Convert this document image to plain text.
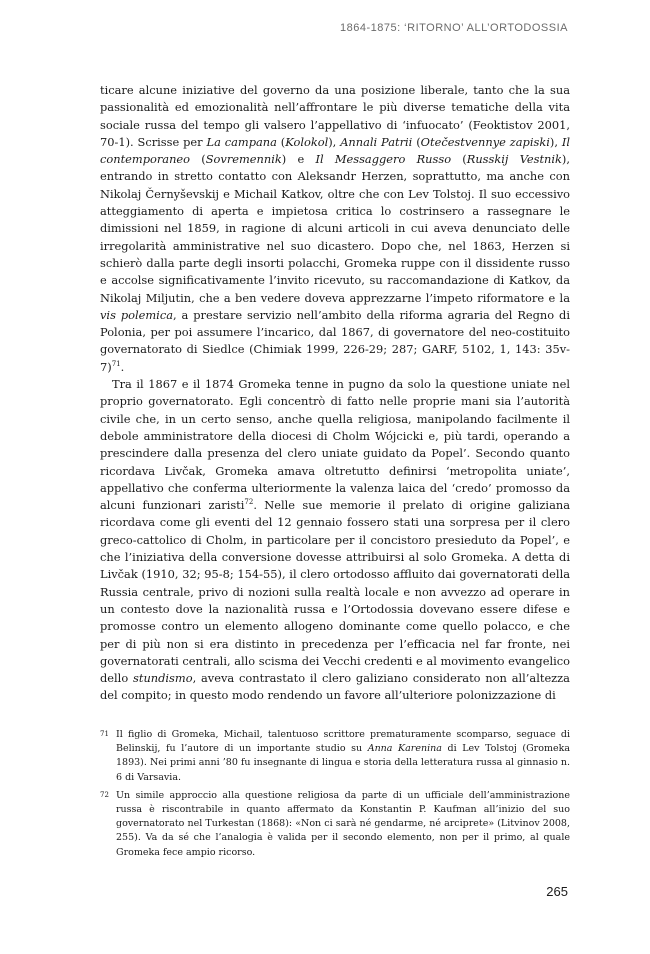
1864-1875: ‘RITORNO’ ALL’ORTODOSSIA

ticare alcune iniziative del governo da una posizione liberale, tanto che la sua passionalità ed emozionalità nell’affrontare le più diverse tematiche della vita sociale russa del tempo gli valsero l’appellativo di ‘infuocato’ (Feoktistov 2001, 70-1). Scrisse per La campana (Kolokol), Annali Patrii (Otečestvennye zapiski), Il contemporaneo (Sovremennik) e Il Messaggero Russo (Russkij Vestnik), entrando in stretto contatto con Aleksandr Herzen, soprattutto, ma anche con Nikolaj Černyševskij e Michail Katkov, oltre che con Lev Tolstoj. Il suo eccessivo atteggiamento di aperta e impietosa critica lo costrinsero a rassegnare le dimissioni nel 1859, in ragione di alcuni articoli in cui aveva denunciato delle irregolarità amministrative nel suo dicastero. Dopo che, nel 1863, Herzen si schierò dalla parte degli insorti polacchi, Gromeka ruppe con il dissidente russo e accolse significativamente l’invito ricevuto, su raccomandazione di Katkov, da Nikolaj Miljutin, che a ben vedere doveva apprezzarne l’impeto riformatore e la vis polemica, a prestare servizio nell’ambito della riforma agraria del Regno di Polonia, per poi assumere l’incarico, dal 1867, di governatore del neo-costituito governatorato di Siedlce (Chimiak 1999, 226-29; 287; GARF, 5102, 1, 143: 35v-7)$^{71}$.

Tra il 1867 e il 1874 Gromeka tenne in pugno da solo la questione uniate nel proprio governatorato. Egli concentrò di fatto nelle proprie mani sia l’autorità civile che, in un certo senso, anche quella religiosa, manipolando facilmente il debole amministratore della diocesi di Cholm Wójcicki e, più tardi, operando a prescindere dalla presenza del clero uniate guidato da Popel’. Secondo quanto ricordava Livčak, Gromeka amava oltretutto definirsi ‘metropolita uniate’, appellativo che conferma ulteriormente la valenza laica del ‘credo’ promosso da alcuni funzionari zaristi$^{72}$. Nelle sue memorie il prelato di origine galiziana ricordava come gli eventi del 12 gennaio fossero stati una sorpresa per il clero greco-cattolico di Cholm, in particolare per il concistoro presieduto da Popel’, e che l’iniziativa della conversione dovesse attribuirsi al solo Gromeka. A detta di Livčak (1910, 32; 95-8; 154-55), il clero ortodosso affluito dai governatorati della Russia centrale, privo di nozioni sulla realtà locale e non avvezzo ad operare in un contesto dove la nazionalità russa e l’Ortodossia dovevano essere difese e promosse contro un elemento allogeno dominante come quello polacco, e che per di più non si era distinto in precedenza per l’efficacia nel far fronte, nei governatorati centrali, allo scisma dei Vecchi credenti e al movimento evangelico dello stundismo, aveva contrastato il clero galiziano considerato non all’altezza del compito; in questo modo rendendo un favore all’ulteriore polonizzazione di

71 Il figlio di Gromeka, Michail, talentuoso scrittore prematuramente scomparso, seguace di Belinskij, fu l’autore di un importante studio su Anna Karenina di Lev Tolstoj (Gromeka 1893). Nei primi anni ’80 fu insegnante di lingua e storia della letteratura russa al ginnasio n. 6 di Varsavia.
72 Un simile approccio alla questione religiosa da parte di un ufficiale dell’amministrazione russa è riscontrabile in quanto affermato da Konstantin P. Kaufman all’inizio del suo governatorato nel Turkestan (1868): «Non ci sarà né gendarme, né arciprete» (Litvinov 2008, 255). Va da sé che l’analogia è valida per il secondo elemento, non per il primo, al quale Gromeka fece ampio ricorso.
265
